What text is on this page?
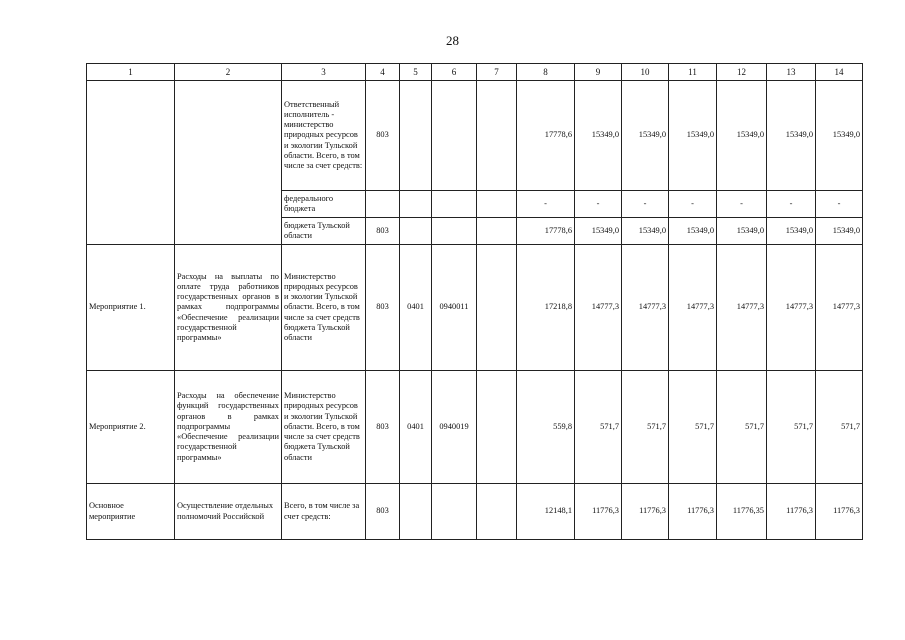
28
1	2	3	4	5	6	7	8	9	10	11	12	13	14
		Ответственный исполнитель - министерство природных ресурсов и экологии Тульской области. Всего, в том числе за счет средств:	803				17778,6	15349,0	15349,0	15349,0	15349,0	15349,0	15349,0
		федерального бюджета					-	-	-	-	-	-	-
		бюджета Тульской области	803				17778,6	15349,0	15349,0	15349,0	15349,0	15349,0	15349,0
Мероприятие 1.	Расходы на выплаты по оплате труда работников государственных органов в рамках подпрограммы «Обеспечение реализации государственной программы»	Министерство природных ресурсов и экологии Тульской области. Всего, в том числе за счет средств бюджета Тульской области	803	0401	0940011		17218,8	14777,3	14777,3	14777,3	14777,3	14777,3	14777,3
Мероприятие 2.	Расходы на обеспечение функций государственных органов в рамках подпрограммы «Обеспечение реализации государственной программы»	Министерство природных ресурсов и экологии Тульской области. Всего, в том числе за счет средств бюджета Тульской области	803	0401	0940019		559,8	571,7	571,7	571,7	571,7	571,7	571,7
Основное мероприятие	Осуществление отдельных полномочий Российской	Всего, в том числе за счет средств:	803				12148,1	11776,3	11776,3	11776,3	11776,35	11776,3	11776,3
